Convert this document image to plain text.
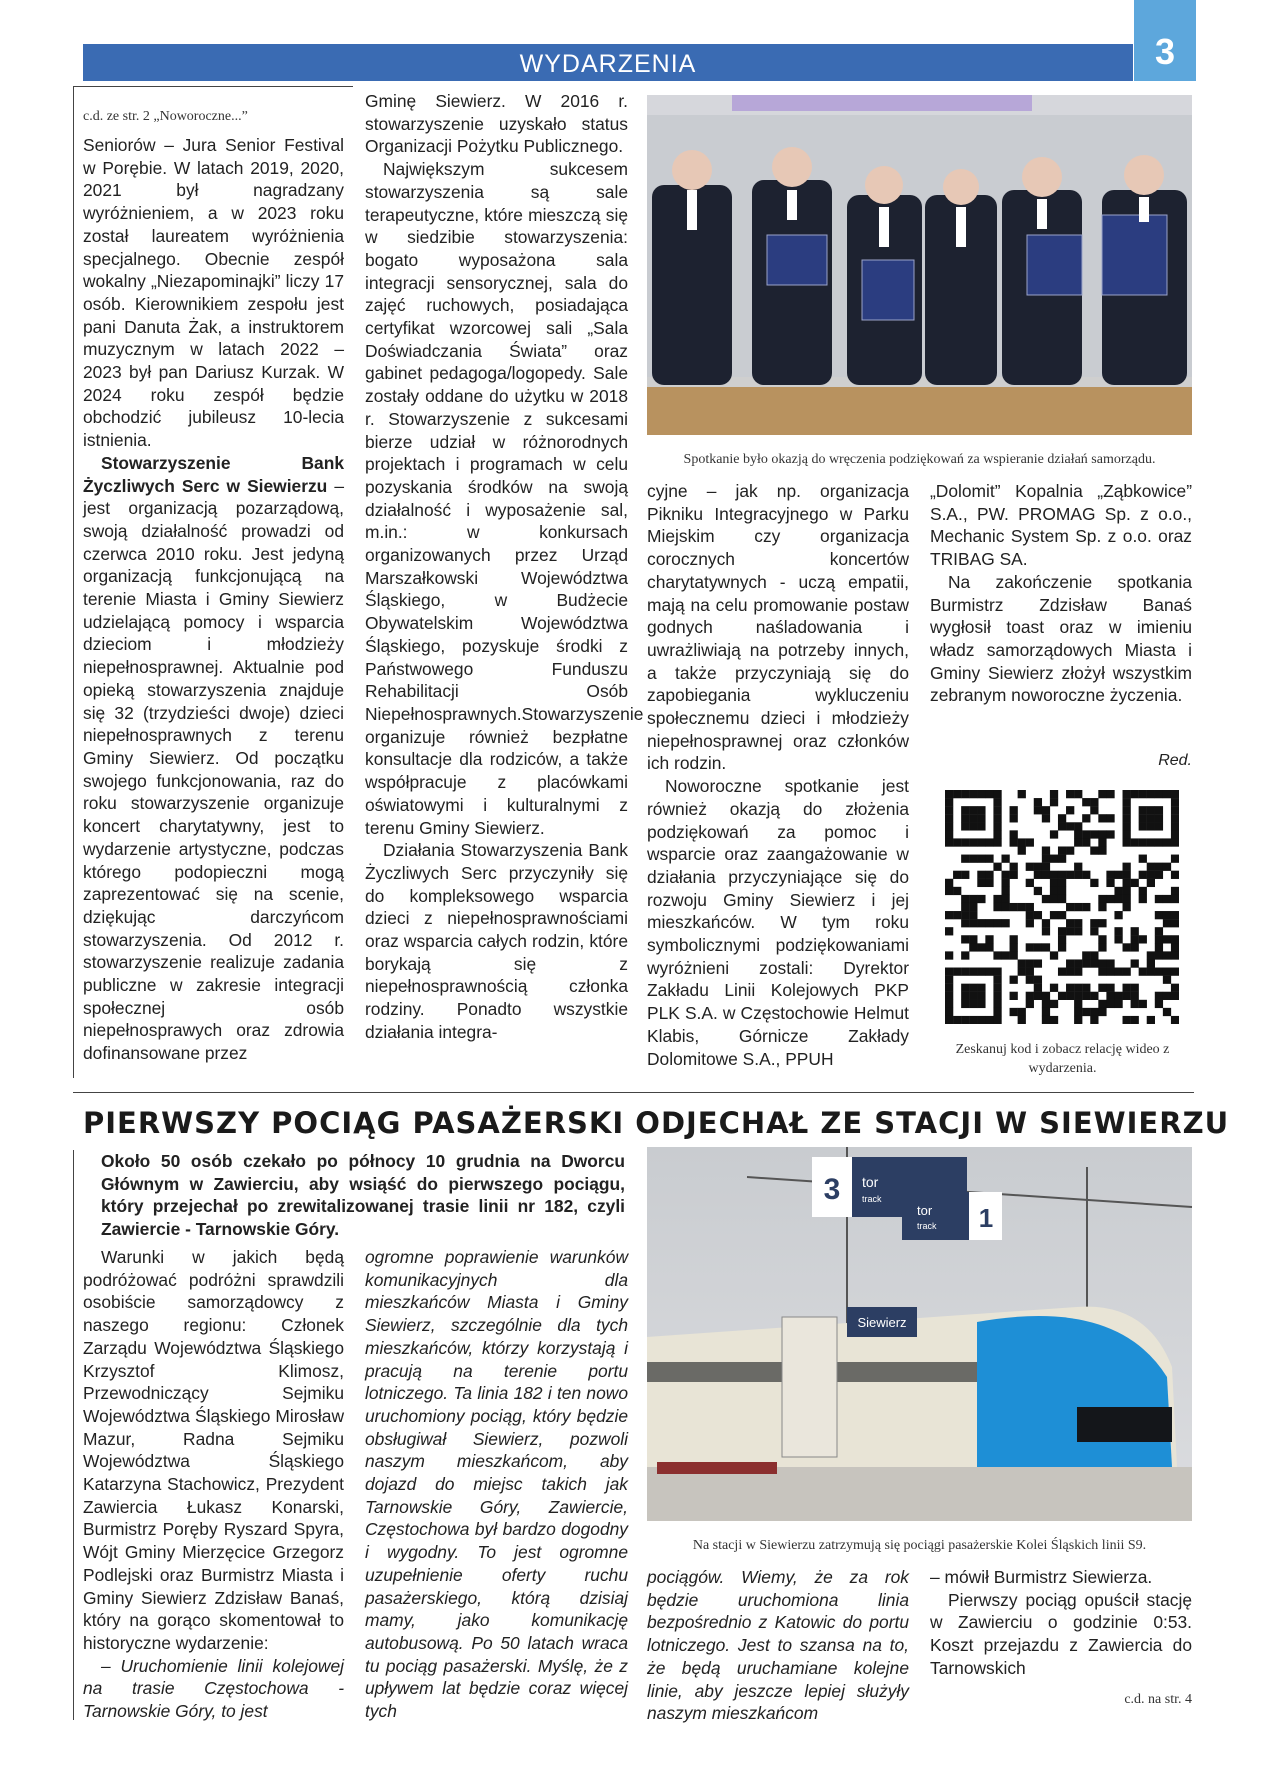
3
WYDARZENIA
c.d. ze str. 2 „Noworoczne...”

Seniorów – Jura Senior Festival w Porębie. W latach 2019, 2020, 2021 był nagradzany wyróżnieniem, a w 2023 roku został laureatem wyróżnienia specjalnego. Obecnie zespół wokalny „Niezapominajki” liczy 17 osób. Kierownikiem zespołu jest pani Danuta Żak, a instruktorem muzycznym w latach 2022 – 2023 był pan Dariusz Kurzak. W 2024 roku zespół będzie obchodzić jubileusz 10-lecia istnienia.

Stowarzyszenie Bank Życzliwych Serc w Siewierzu – jest organizacją pozarządową, swoją działalność prowadzi od czerwca 2010 roku. Jest jedyną organizacją funkcjonującą na terenie Miasta i Gminy Siewierz udzielającą pomocy i wsparcia dzieciom i młodzieży niepełnosprawnej. Aktualnie pod opieką stowarzyszenia znajduje się 32 (trzydzieści dwoje) dzieci niepełnosprawnych z terenu Gminy Siewierz. Od początku swojego funkcjonowania, raz do roku stowarzyszenie organizuje koncert charytatywny, jest to wydarzenie artystyczne, podczas którego podopieczni mogą zaprezentować się na scenie, dziękując darczyńcom stowarzyszenia. Od 2012 r. stowarzyszenie realizuje zadania publiczne w zakresie integracji społecznej osób niepełnosprawych oraz zdrowia dofinansowane przez

Gminę Siewierz. W 2016 r. stowarzyszenie uzyskało status Organizacji Pożytku Publicznego.

Największym sukcesem stowarzyszenia są sale terapeutyczne, które mieszczą się w siedzibie stowarzyszenia: bogato wyposażona sala integracji sensorycznej, sala do zajęć ruchowych, posiadająca certyfikat wzorcowej sali „Sala Doświadczania Świata” oraz gabinet pedagoga/logopedy. Sale zostały oddane do użytku w 2018 r. Stowarzyszenie z sukcesami bierze udział w różnorodnych projektach i programach w celu pozyskania środków na swoją działalność i wyposażenie sal, m.in.: w konkursach organizowanych przez Urząd Marszałkowski Województwa Śląskiego, w Budżecie Obywatelskim Województwa Śląskiego, pozyskuje środki z Państwowego Funduszu Rehabilitacji Osób Niepełnosprawnych.Stowarzyszenie organizuje również bezpłatne konsultacje dla rodziców, a także współpracuje z placówkami oświatowymi i kulturalnymi z terenu Gminy Siewierz.

Działania Stowarzyszenia Bank Życzliwych Serc przyczyniły się do kompleksowego wsparcia dzieci z niepełnosprawnościami oraz wsparcia całych rodzin, które borykają się z niepełnosprawnością członka rodziny. Ponadto wszystkie działania integra-

Spotkanie było okazją do wręczenia podziękowań za wspieranie działań samorządu.

cyjne – jak np. organizacja Pikniku Integracyjnego w Parku Miejskim czy organizacja corocznych koncertów charytatywnych - uczą empatii, mają na celu promowanie postaw godnych naśladowania i uwrażliwiają na potrzeby innych, a także przyczyniają się do zapobiegania wykluczeniu społecznemu dzieci i młodzieży niepełnosprawnej oraz członków ich rodzin.

Noworoczne spotkanie jest również okazją do złożenia podziękowań za pomoc i wsparcie oraz zaangażowanie w działania przyczyniające się do rozwoju Gminy Siewierz i jej mieszkańców. W tym roku symbolicznymi podziękowaniami wyróżnieni zostali: Dyrektor Zakładu Linii Kolejowych PKP PLK S.A. w Częstochowie Helmut Klabis, Górnicze Zakłady Dolomitowe S.A., PPUH

„Dolomit” Kopalnia „Ząbkowice” S.A., PW. PROMAG Sp. z o.o., Mechanic System Sp. z o.o. oraz TRIBAG SA.

Na zakończenie spotkania Burmistrz Zdzisław Banaś wygłosił toast oraz w imieniu władz samorządowych Miasta i Gminy Siewierz złożył wszystkim zebranym noworoczne życzenia.

Red.
Zeskanuj kod i zobacz relację wideo z wydarzenia.
PIERWSZY POCIĄG PASAŻERSKI ODJECHAŁ ZE STACJI W SIEWIERZU
Około 50 osób czekało po północy 10 grudnia na Dworcu Głównym w Zawierciu, aby wsiąść do pierwszego pociągu, który przejechał po zrewitalizowanej trasie linii nr 182, czyli Zawiercie - Tarnowskie Góry.

Warunki w jakich będą podróżować podróżni sprawdzili osobiście samorządowcy z naszego regionu: Członek Zarządu Województwa Śląskiego Krzysztof Klimosz, Przewodniczący Sejmiku Województwa Śląskiego Mirosław Mazur, Radna Sejmiku Województwa Śląskiego Katarzyna Stachowicz, Prezydent Zawiercia Łukasz Konarski, Burmistrz Poręby Ryszard Spyra, Wójt Gminy Mierzęcice Grzegorz Podlejski oraz Burmistrz Miasta i Gminy Siewierz Zdzisław Banaś, który na gorąco skomentował to historyczne wydarzenie:

– Uruchomienie linii kolejowej na trasie Częstochowa - Tarnowskie Góry, to jest

ogromne poprawienie warunków komunikacyjnych dla mieszkańców Miasta i Gminy Siewierz, szczególnie dla tych mieszkańców, którzy korzystają i pracują na terenie portu lotniczego. Ta linia 182 i ten nowo uruchomiony pociąg, który będzie obsługiwał Siewierz, pozwoli naszym mieszkańcom, aby dojazd do miejsc takich jak Tarnowskie Góry, Zawiercie, Częstochowa był bardzo dogodny i wygodny. To jest ogromne uzupełnienie oferty ruchu pasażerskiego, którą dzisiaj mamy, jako komunikację autobusową. Po 50 latach wraca tu pociąg pasażerski. Myślę, że z upływem lat będzie coraz więcej tych

Siewierz
3 tor
track
1
tor
track
Na stacji w Siewierzu zatrzymują się pociągi pasażerskie Kolei Śląskich linii S9.

pociągów. Wiemy, że za rok będzie uruchomiona linia bezpośrednio z Katowic do portu lotniczego. Jest to szansa na to, że będą uruchamiane kolejne linie, aby jeszcze lepiej służyły naszym mieszkańcom

– mówił Burmistrz Siewierza.

Pierwszy pociąg opuścił stację w Zawierciu o godzinie 0:53. Koszt przejazdu z Zawiercia do Tarnowskich

c.d. na str. 4
